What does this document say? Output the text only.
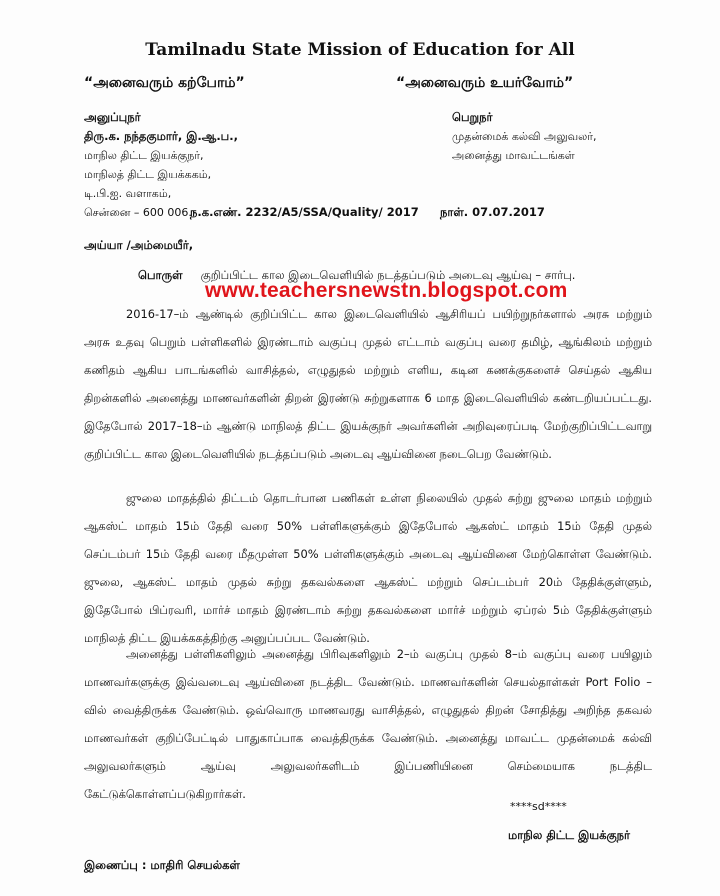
Tamilnadu State Mission of Education for All
“அனைவரும் கற்போம்”	“அனைவரும் உயர்வோம்”
அனுப்புநர்
திரு.க. நந்தகுமார், இ.ஆ.ப.,
மாநில திட்ட இயக்குநர்,
மாநிலத் திட்ட இயக்ககம்,
டி.பி.ஐ. வளாகம்,
சென்னை – 600 006.
பெறுநர்
முதன்மைக் கல்வி அலுவலர்,
அனைத்து மாவட்டங்கள்
ந.க.எண். 2232/A5/SSA/Quality/ 2017 நாள். 07.07.2017
அய்யா /அம்மையீர்,
பொருள் குறிப்பிட்ட கால இடைவெளியில் நடத்தப்படும் அடைவு ஆய்வு – சார்பு.
www.teachersnewstn.blogspot.com

2016-17–ம் ஆண்டில் குறிப்பிட்ட கால இடைவெளியில் ஆசிரியப் பயிற்றுநர்களால் அரசு மற்றும் அரசு உதவு பெறும் பள்ளிகளில் இரண்டாம் வகுப்பு முதல் எட்டாம் வகுப்பு வரை தமிழ், ஆங்கிலம் மற்றும் கணிதம் ஆகிய பாடங்களில் வாசித்தல், எழுதுதல் மற்றும் எளிய, கடின கணக்குகளைச் செய்தல் ஆகிய திறன்களில் அனைத்து மாணவர்களின் திறன் இரண்டு சுற்றுகளாக 6 மாத இடைவெளியில் கண்டறியப்பட்டது. இதேபோல் 2017–18–ம் ஆண்டு மாநிலத் திட்ட இயக்குநர் அவர்களின் அறிவுரைப்படி மேற்குறிப்பிட்டவாறு குறிப்பிட்ட கால இடைவெளியில் நடத்தப்படும் அடைவு ஆய்வினை நடைபெற வேண்டும்.

ஜுலை மாதத்தில் திட்டம் தொடர்பான பணிகள் உள்ள நிலையில் முதல் சுற்று ஜுலை மாதம் மற்றும் ஆகஸ்ட் மாதம் 15ம் தேதி வரை 50% பள்ளிகளுக்கும் இதேபோல் ஆகஸ்ட் மாதம் 15ம் தேதி முதல் செப்டம்பர் 15ம் தேதி வரை மீதமுள்ள 50% பள்ளிகளுக்கும் அடைவு ஆய்வினை மேற்கொள்ள வேண்டும். ஜுலை, ஆகஸ்ட் மாதம் முதல் சுற்று தகவல்களை ஆகஸ்ட் மற்றும் செப்டம்பர் 20ம் தேதிக்குள்ளும், இதேபோல் பிப்ரவரி, மார்ச் மாதம் இரண்டாம் சுற்று தகவல்களை மார்ச் மற்றும் ஏப்ரல் 5ம் தேதிக்குள்ளும் மாநிலத் திட்ட இயக்ககத்திற்கு அனுப்பப்பட வேண்டும்.

அனைத்து பள்ளிகளிலும் அனைத்து பிரிவுகளிலும் 2–ம் வகுப்பு முதல் 8–ம் வகுப்பு வரை பயிலும் மாணவர்களுக்கு இவ்வடைவு ஆய்வினை நடத்திட வேண்டும். மாணவர்களின் செயல்தாள்கள் Port Folio –வில் வைத்திருக்க வேண்டும். ஒவ்வொரு மாணவரது வாசித்தல், எழுதுதல் திறன் சோதித்து அறிந்த தகவல் மாணவர்கள் குறிப்பேட்டில் பாதுகாப்பாக வைத்திருக்க வேண்டும். அனைத்து மாவட்ட முதன்மைக் கல்வி அலுவலர்களும் ஆய்வு அலுவலர்களிடம் இப்பணியினை செம்மையாக நடத்திட கேட்டுக்கொள்ளப்படுகிறார்கள்.

****sd****
மாநில திட்ட இயக்குநர்
இணைப்பு : மாதிரி செயல்கள்
